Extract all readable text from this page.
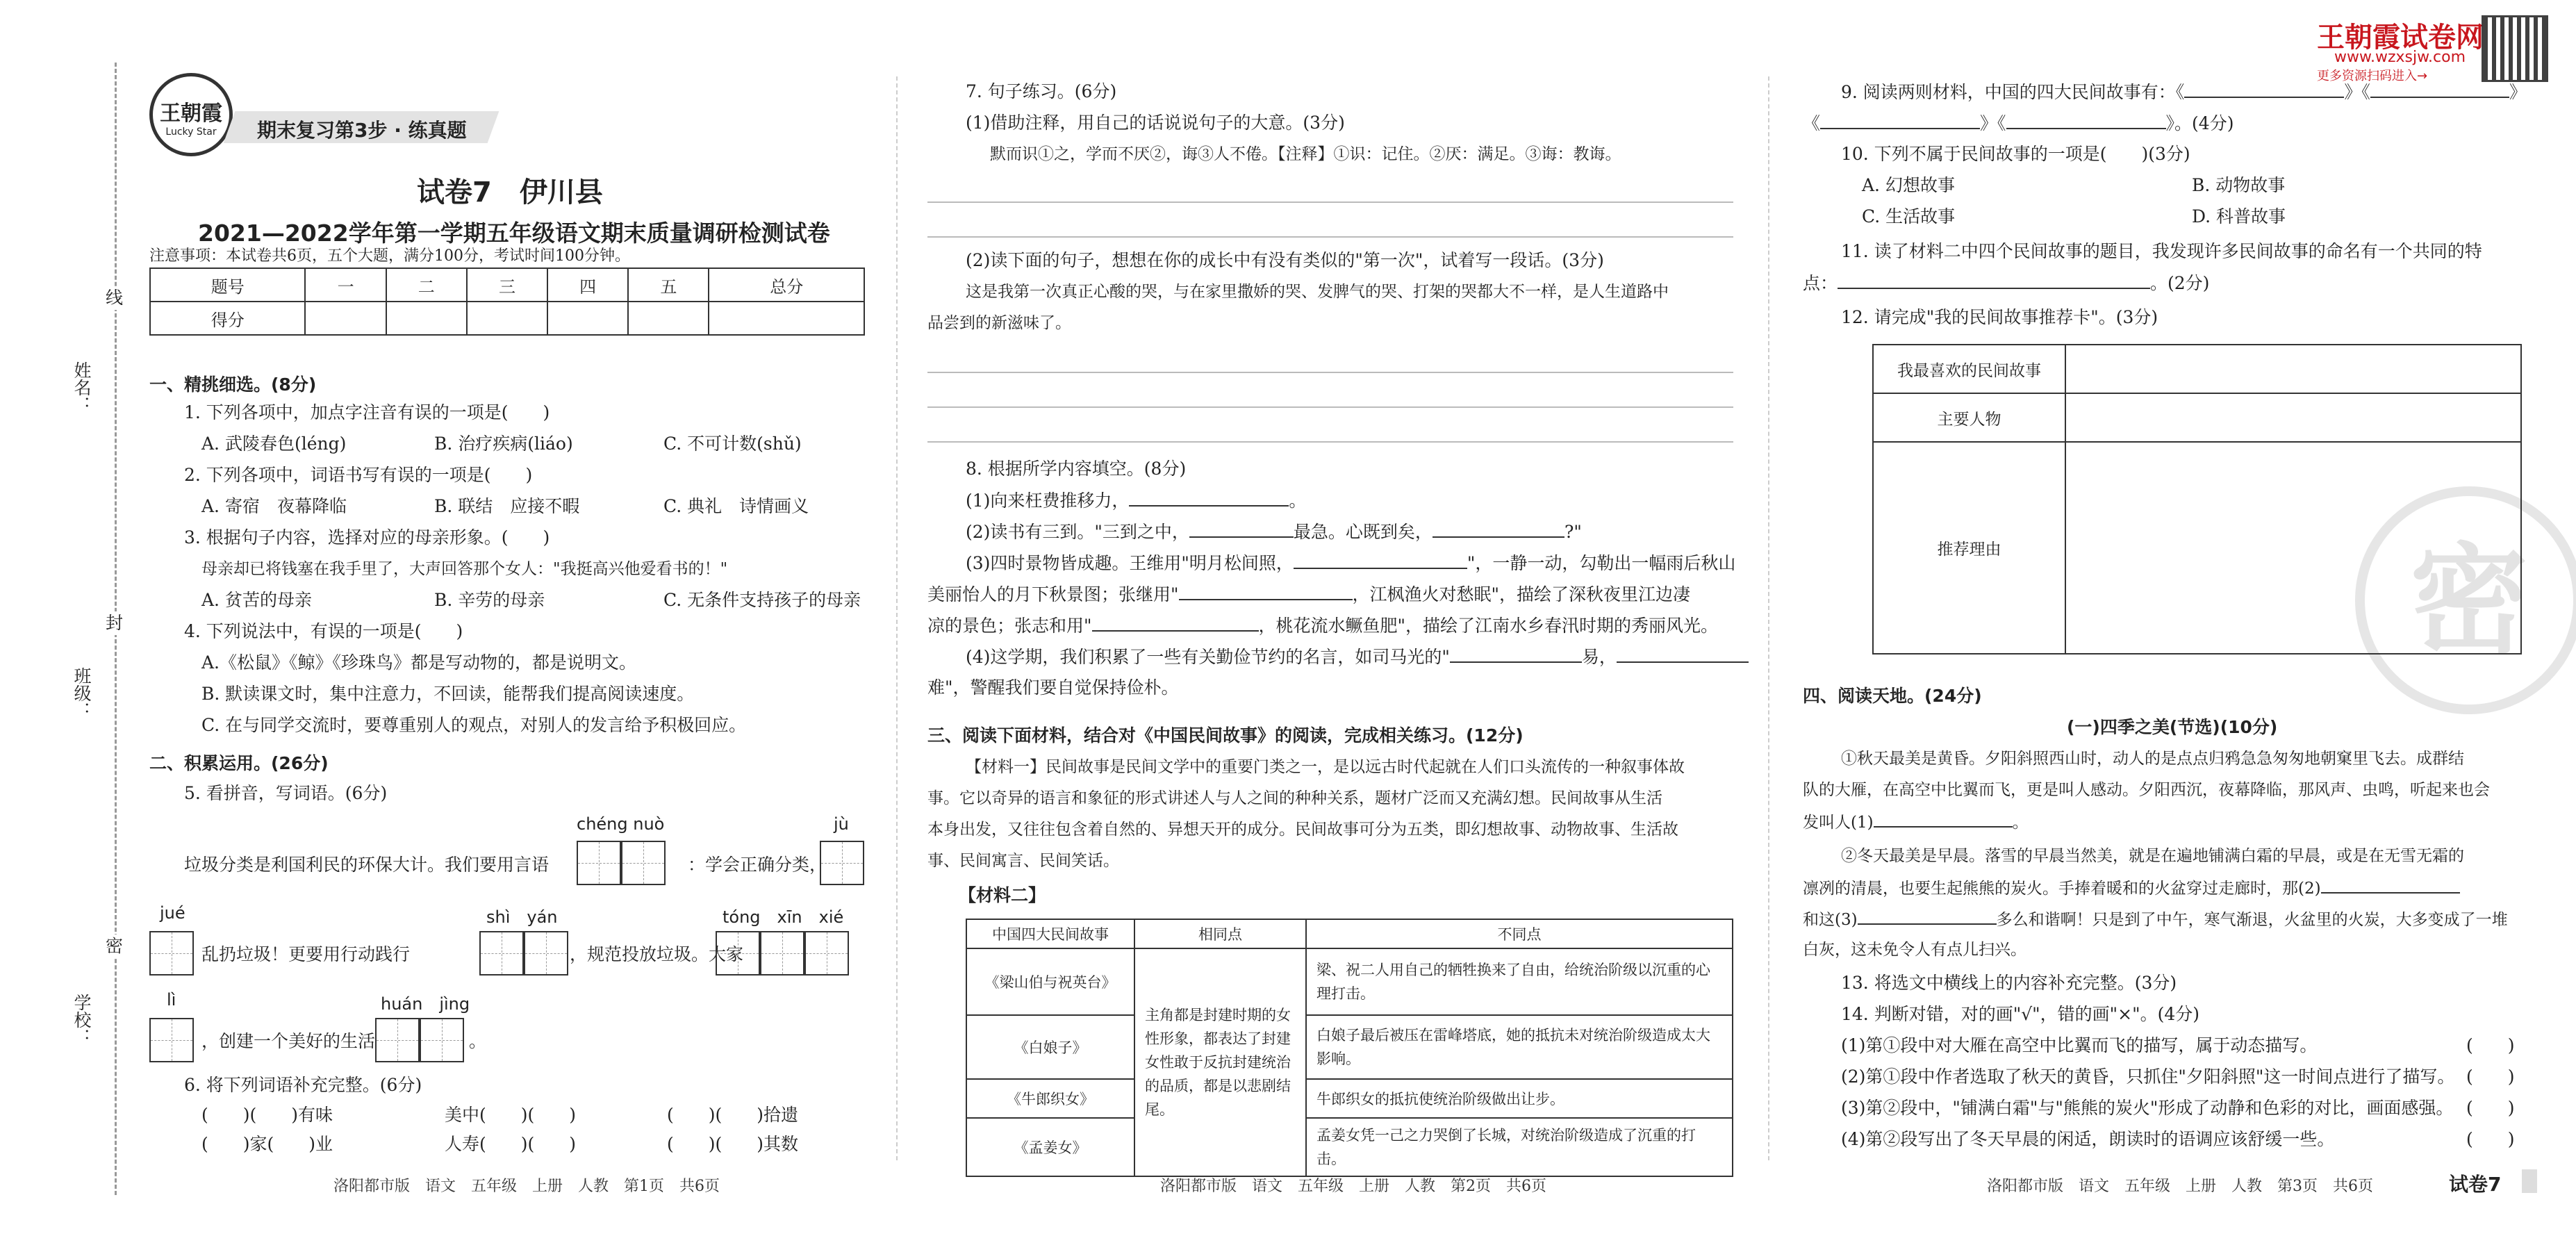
姓名：
班级：
学校：
线
封
密
王朝霞
Lucky Star	期末复习第3步 · 练真题
王朝霞试卷网
www.wzxsjw.com
更多资源扫码进入→
试卷7　伊川县
2021—2022学年第一学期五年级语文期末质量调研检测试卷
注意事项：本试卷共6页，五个大题，满分100分，考试时间100分钟。
题号	一	二	三	四	五	总分
得分						
一、精挑细选。(8分)
1. 下列各项中，加点字注音有误的一项是(　　)
A. 武陵春色(léng)	B. 治疗疾病(liáo)	C. 不可计数(shǔ)
2. 下列各项中，词语书写有误的一项是(　　)
A. 寄宿　夜幕降临	B. 联结　应接不暇	C. 典礼　诗情画义
3. 根据句子内容，选择对应的母亲形象。(　　)
母亲却已将钱塞在我手里了，大声回答那个女人："我挺高兴他爱看书的！"
A. 贫苦的母亲	B. 辛劳的母亲	C. 无条件支持孩子的母亲
4. 下列说法中，有误的一项是(　　)
A.《松鼠》《鲸》《珍珠鸟》都是写动物的，都是说明文。
B. 默读课文时，集中注意力，不回读，能帮我们提高阅读速度。
C. 在与同学交流时，要尊重别人的观点，对别人的发言给予积极回应。
二、积累运用。(26分)
5. 看拼音，写词语。(6分)
chéng nuò	jù
垃圾分类是利国利民的环保大计。我们要用言语	：学会正确分类，
jué	shì　yán	tóng　xīn　xié
乱扔垃圾！更要用行动践行	，规范投放垃圾。大家
lì	huán　jìng
，创建一个美好的生活	。
6. 将下列词语补充完整。(6分)
(　　)(　　)有味	美中(　　)(　　)	(　　)(　　)拾遗
(　　)家(　　)业	人寿(　　)(　　)	(　　)(　　)其数
洛阳都市版　语文　五年级　上册　人教　第1页　共6页
7. 句子练习。(6分)
(1)借助注释，用自己的话说说句子的大意。(3分)
默而识①之，学而不厌②，诲③人不倦。【注释】①识：记住。②厌：满足。③诲：教诲。
(2)读下面的句子，想想在你的成长中有没有类似的"第一次"，试着写一段话。(3分)
这是我第一次真正心酸的哭，与在家里撒娇的哭、发脾气的哭、打架的哭都大不一样，是人生道路中
品尝到的新滋味了。
8. 根据所学内容填空。(8分)
(1)向来枉费推移力，	。
(2)读书有三到。"三到之中，	最急。心既到矣，	?"
(3)四时景物皆成趣。王维用"明月松间照，	"，一静一动，勾勒出一幅雨后秋山
美丽怡人的月下秋景图；张继用"	，江枫渔火对愁眠"，描绘了深秋夜里江边凄
凉的景色；张志和用"	，桃花流水鳜鱼肥"，描绘了江南水乡春汛时期的秀丽风光。
(4)这学期，我们积累了一些有关勤俭节约的名言，如司马光的"	易，
难"，警醒我们要自觉保持俭朴。
三、阅读下面材料，结合对《中国民间故事》的阅读，完成相关练习。(12分)
【材料一】民间故事是民间文学中的重要门类之一，是以远古时代起就在人们口头流传的一种叙事体故
事。它以奇异的语言和象征的形式讲述人与人之间的种种关系，题材广泛而又充满幻想。民间故事从生活
本身出发，又往往包含着自然的、异想天开的成分。民间故事可分为五类，即幻想故事、动物故事、生活故
事、民间寓言、民间笑话。
【材料二】
中国四大民间故事	相同点	不同点
《梁山伯与祝英台》	主角都是封建时期的女性形象，都表达了封建女性敢于反抗封建统治的品质，都是以悲剧结尾。	梁、祝二人用自己的牺牲换来了自由，给统治阶级以沉重的心理打击。
《白娘子》		白娘子最后被压在雷峰塔底，她的抵抗未对统治阶级造成太大影响。
《牛郎织女》		牛郎织女的抵抗使统治阶级做出让步。
《孟姜女》		孟姜女凭一己之力哭倒了长城，对统治阶级造成了沉重的打击。
洛阳都市版　语文　五年级　上册　人教　第2页　共6页
密
9. 阅读两则材料，中国的四大民间故事有：《	》《	》
《	》《	》。(4分)
10. 下列不属于民间故事的一项是(　　)(3分)
A. 幻想故事	B. 动物故事
C. 生活故事	D. 科普故事
11. 读了材料二中四个民间故事的题目，我发现许多民间故事的命名有一个共同的特
点：	。(2分)
12. 请完成"我的民间故事推荐卡"。(3分)
我最喜欢的民间故事	
主要人物	
推荐理由	
四、阅读天地。(24分)
(一)四季之美(节选)(10分)
①秋天最美是黄昏。夕阳斜照西山时，动人的是点点归鸦急急匆匆地朝窠里飞去。成群结
队的大雁，在高空中比翼而飞，更是叫人感动。夕阳西沉，夜幕降临，那风声、虫鸣，听起来也会
发叫人(1)	。
②冬天最美是早晨。落雪的早晨当然美，就是在遍地铺满白霜的早晨，或是在无雪无霜的
凛冽的清晨，也要生起熊熊的炭火。手捧着暖和的火盆穿过走廊时，那(2)
和这(3)	多么和谐啊！只是到了中午，寒气渐退，火盆里的火炭，大多变成了一堆
白灰，这未免令人有点儿扫兴。
13. 将选文中横线上的内容补充完整。(3分)
14. 判断对错，对的画"√"，错的画"×"。(4分)
(1)第①段中对大雁在高空中比翼而飞的描写，属于动态描写。	(　　)
(2)第①段中作者选取了秋天的黄昏，只抓住"夕阳斜照"这一时间点进行了描写。 (　　)
(3)第②段中，"铺满白霜"与"熊熊的炭火"形成了动静和色彩的对比，画面感强。 (　　)
(4)第②段写出了冬天早晨的闲适，朗读时的语调应该舒缓一些。	(　　)
洛阳都市版　语文　五年级　上册　人教　第3页　共6页	试卷7
